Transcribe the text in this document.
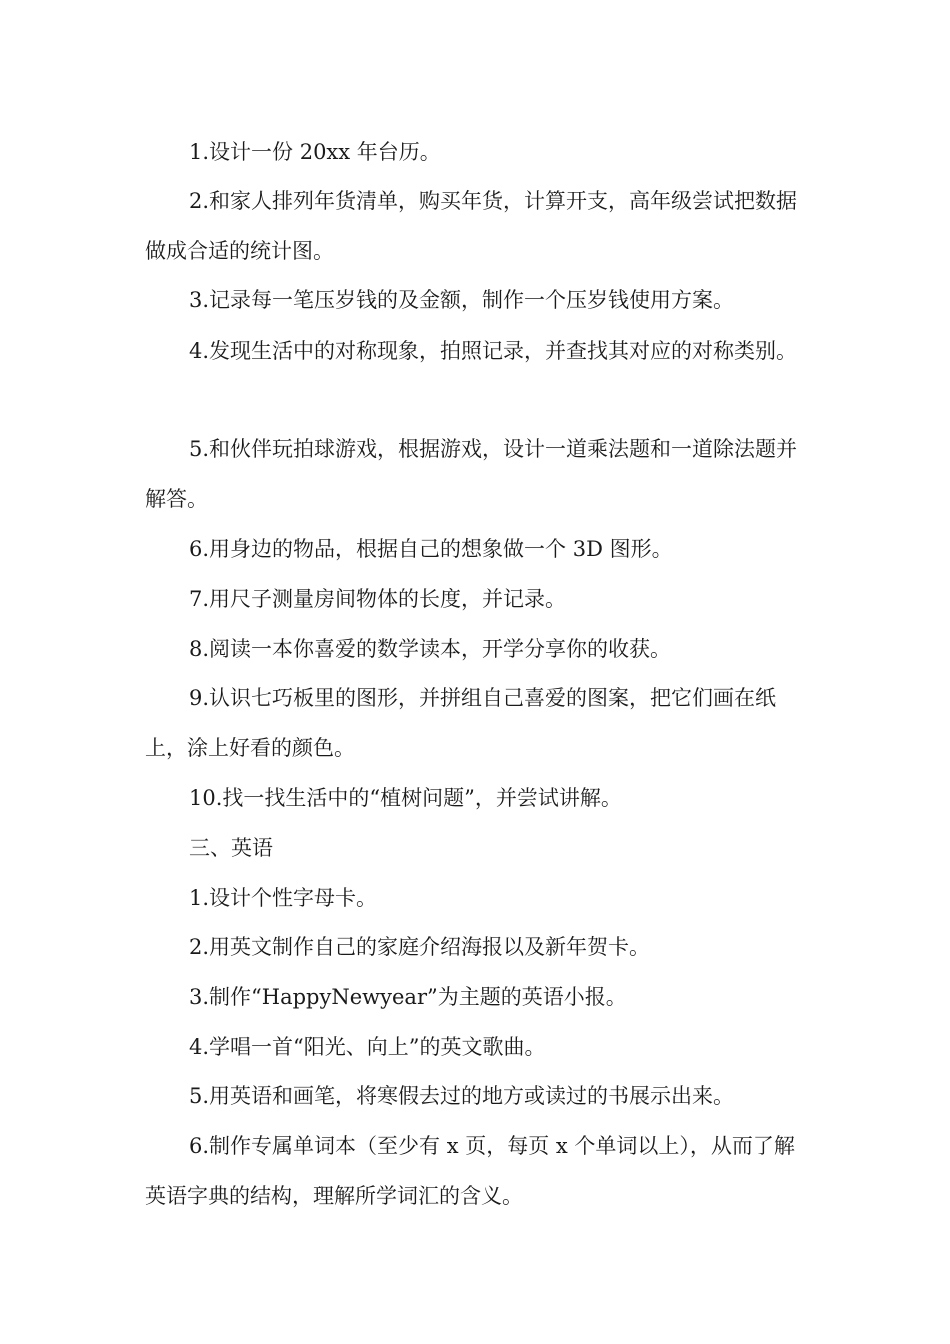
1.设计一份 20xx 年台历。

2.和家人排列年货清单，购买年货，计算开支，高年级尝试把数据做成合适的统计图。

3.记录每一笔压岁钱的及金额，制作一个压岁钱使用方案。

4.发现生活中的对称现象，拍照记录，并查找其对应的对称类别。

5.和伙伴玩拍球游戏，根据游戏，设计一道乘法题和一道除法题并解答。

6.用身边的物品，根据自己的想象做一个 3D 图形。

7.用尺子测量房间物体的长度，并记录。

8.阅读一本你喜爱的数学读本，开学分享你的收获。

9.认识七巧板里的图形，并拼组自己喜爱的图案，把它们画在纸上，涂上好看的颜色。

10.找一找生活中的“植树问题”，并尝试讲解。

三、英语

1.设计个性字母卡。

2.用英文制作自己的家庭介绍海报以及新年贺卡。

3.制作“HappyNewyear”为主题的英语小报。

4.学唱一首“阳光、向上”的英文歌曲。

5.用英语和画笔，将寒假去过的地方或读过的书展示出来。

6.制作专属单词本（至少有 x 页，每页 x 个单词以上），从而了解英语字典的结构，理解所学词汇的含义。
